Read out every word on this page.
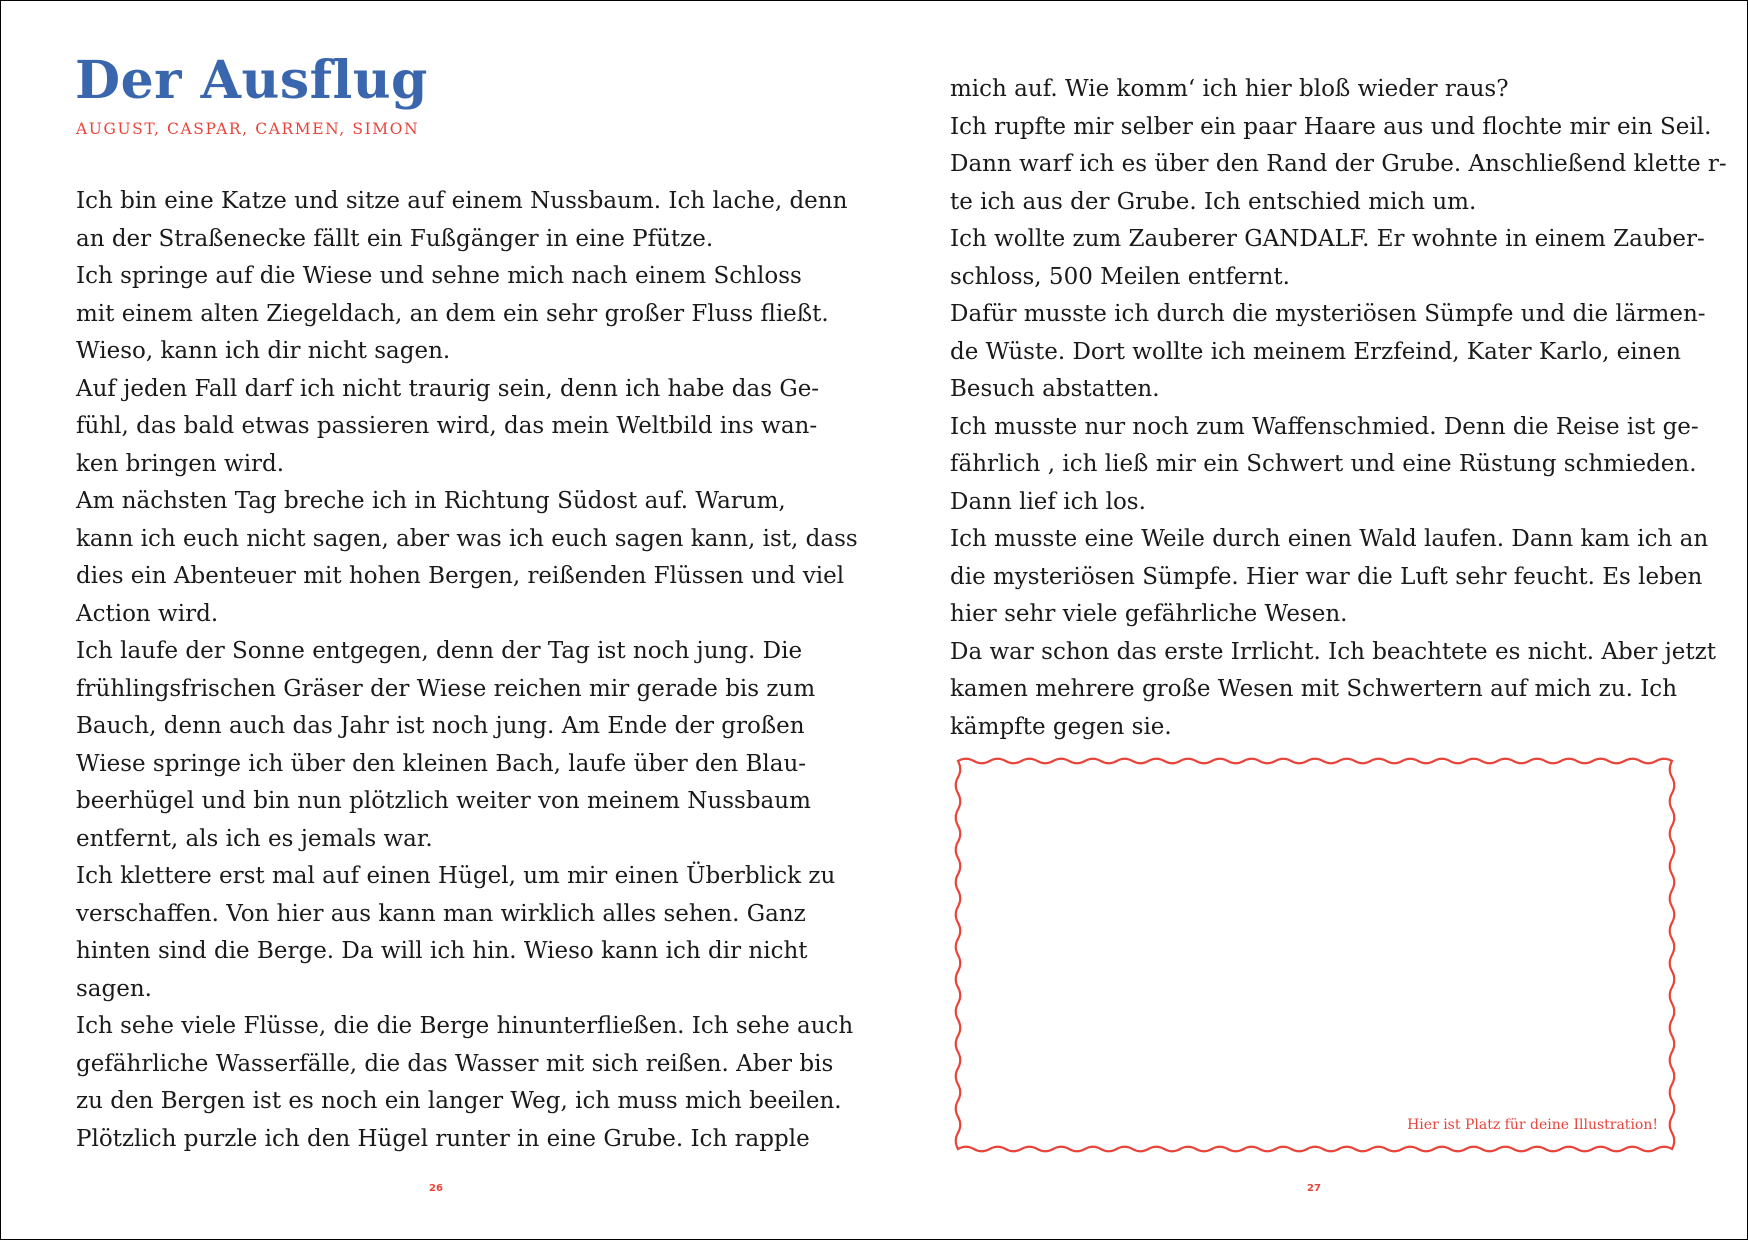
Der Ausflug
AUGUST, CASPAR, CARMEN, SIMON
Ich bin eine Katze und sitze auf einem Nussbaum. Ich lache, denn
an der Straßenecke fällt ein Fußgänger in eine Pfütze.
Ich springe auf die Wiese und sehne mich nach einem Schloss
mit einem alten Ziegeldach, an dem ein sehr großer Fluss fließt.
Wieso, kann ich dir nicht sagen.
Auf jeden Fall darf ich nicht traurig sein, denn ich habe das Ge-
fühl, das bald etwas passieren wird, das mein Weltbild ins wan-
ken bringen wird.
Am nächsten Tag breche ich in Richtung Südost auf. Warum,
kann ich euch nicht sagen, aber was ich euch sagen kann, ist, dass
dies ein Abenteuer mit hohen Bergen, reißenden Flüssen und viel
Action wird.
Ich laufe der Sonne entgegen, denn der Tag ist noch jung. Die
frühlingsfrischen Gräser der Wiese reichen mir gerade bis zum
Bauch, denn auch das Jahr ist noch jung. Am Ende der großen
Wiese springe ich über den kleinen Bach, laufe über den Blau-
beerhügel und bin nun plötzlich weiter von meinem Nussbaum
entfernt, als ich es jemals war.
Ich klettere erst mal auf einen Hügel, um mir einen Überblick zu
verschaffen. Von hier aus kann man wirklich alles sehen. Ganz
hinten sind die Berge. Da will ich hin. Wieso kann ich dir nicht
sagen.
Ich sehe viele Flüsse, die die Berge hinunterfließen. Ich sehe auch
gefährliche Wasserfälle, die das Wasser mit sich reißen. Aber bis
zu den Bergen ist es noch ein langer Weg, ich muss mich beeilen.
Plötzlich purzle ich den Hügel runter in eine Grube. Ich rapple
26
mich auf. Wie komm‘ ich hier bloß wieder raus?
Ich rupfte mir selber ein paar Haare aus und flochte mir ein Seil.
Dann warf ich es über den Rand der Grube. Anschließend klette r-
te ich aus der Grube. Ich entschied mich um.
Ich wollte zum Zauberer GANDALF. Er wohnte in einem Zauber-
schloss, 500 Meilen entfernt.
Dafür musste ich durch die mysteriösen Sümpfe und die lärmen-
de Wüste. Dort wollte ich meinem Erzfeind, Kater Karlo, einen
Besuch abstatten.
Ich musste nur noch zum Waffenschmied. Denn die Reise ist ge-
fährlich , ich ließ mir ein Schwert und eine Rüstung schmieden.
Dann lief ich los.
Ich musste eine Weile durch einen Wald laufen. Dann kam ich an
die mysteriösen Sümpfe. Hier war die Luft sehr feucht. Es leben
hier sehr viele gefährliche Wesen.
Da war schon das erste Irrlicht. Ich beachtete es nicht. Aber jetzt
kamen mehrere große Wesen mit Schwertern auf mich zu. Ich
kämpfte gegen sie.
Hier ist Platz für deine Illustration!
27
